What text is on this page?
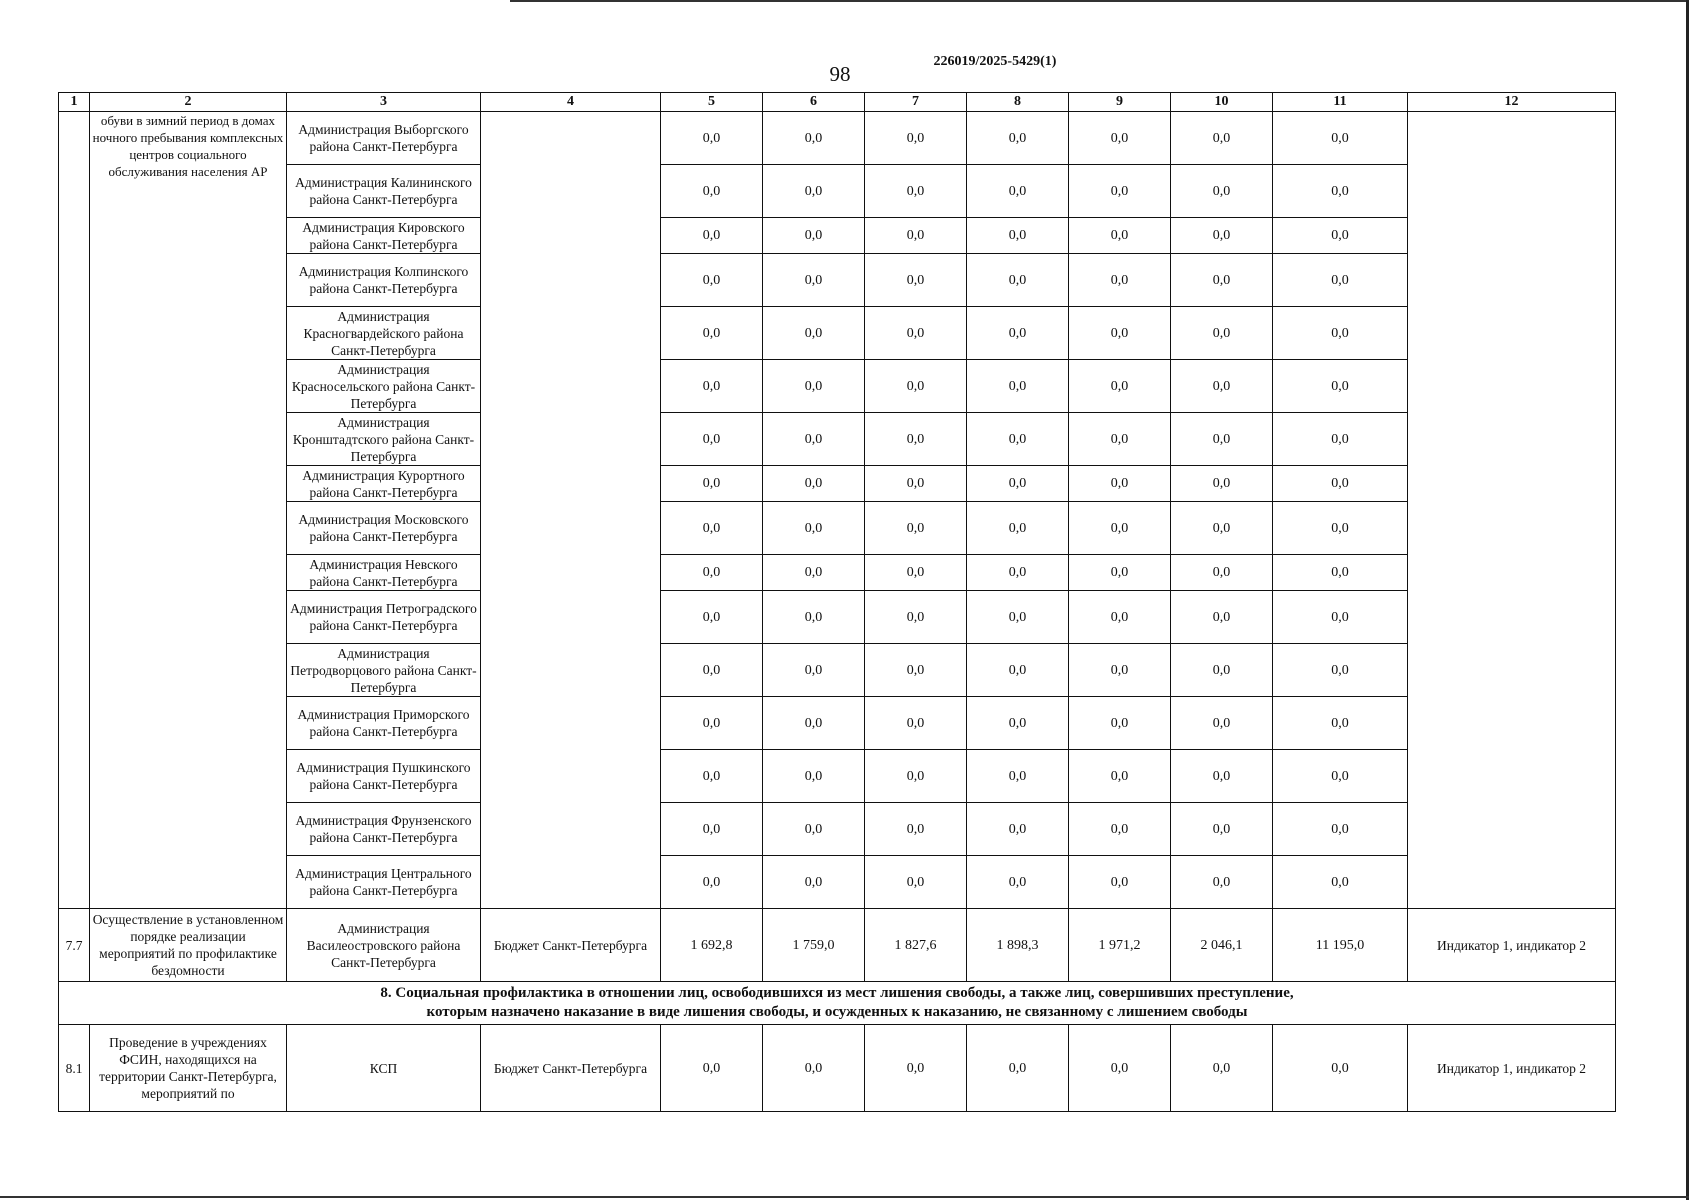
226019/2025-5429(1)
98
1	2	3	4	5	6	7	8	9	10	11	12
	обуви в зимний период в домах ночного пребывания комплексных центров социального обслуживания населения АР	Администрация Выборгского района Санкт-Петербурга		0,0	0,0	0,0	0,0	0,0	0,0	0,0	
		Администрация Калининского района Санкт-Петербурга		0,0	0,0	0,0	0,0	0,0	0,0	0,0	
		Администрация Кировского района Санкт-Петербурга		0,0	0,0	0,0	0,0	0,0	0,0	0,0	
		Администрация Колпинского района Санкт-Петербурга		0,0	0,0	0,0	0,0	0,0	0,0	0,0	
		Администрация Красногвардейского района Санкт-Петербурга		0,0	0,0	0,0	0,0	0,0	0,0	0,0	
		Администрация Красносельского района Санкт-Петербурга		0,0	0,0	0,0	0,0	0,0	0,0	0,0	
		Администрация Кронштадтского района Санкт-Петербурга		0,0	0,0	0,0	0,0	0,0	0,0	0,0	
		Администрация Курортного района Санкт-Петербурга		0,0	0,0	0,0	0,0	0,0	0,0	0,0	
		Администрация Московского района Санкт-Петербурга		0,0	0,0	0,0	0,0	0,0	0,0	0,0	
		Администрация Невского района Санкт-Петербурга		0,0	0,0	0,0	0,0	0,0	0,0	0,0	
		Администрация Петроградского района Санкт-Петербурга		0,0	0,0	0,0	0,0	0,0	0,0	0,0	
		Администрация Петродворцового района Санкт-Петербурга		0,0	0,0	0,0	0,0	0,0	0,0	0,0	
		Администрация Приморского района Санкт-Петербурга		0,0	0,0	0,0	0,0	0,0	0,0	0,0	
		Администрация Пушкинского района Санкт-Петербурга		0,0	0,0	0,0	0,0	0,0	0,0	0,0	
		Администрация Фрунзенского района Санкт-Петербурга		0,0	0,0	0,0	0,0	0,0	0,0	0,0	
		Администрация Центрального района Санкт-Петербурга		0,0	0,0	0,0	0,0	0,0	0,0	0,0	
7.7	Осуществление в установленном порядке реализации мероприятий по профилактике бездомности	Администрация Василеостровского района Санкт-Петербурга	Бюджет Санкт-Петербурга	1 692,8	1 759,0	1 827,6	1 898,3	1 971,2	2 046,1	11 195,0	Индикатор 1, индикатор 2

8. Социальная профилактика в отношении лиц, освободившихся из мест лишения свободы, а также лиц, совершивших преступление,
которым назначено наказание в виде лишения свободы, и осужденных к наказанию, не связанному с лишением свободы											

8.1	Проведение в учреждениях ФСИН, находящихся на территории Санкт-Петербурга, мероприятий по	КСП	Бюджет Санкт-Петербурга	0,0	0,0	0,0	0,0	0,0	0,0	0,0	Индикатор 1, индикатор 2
